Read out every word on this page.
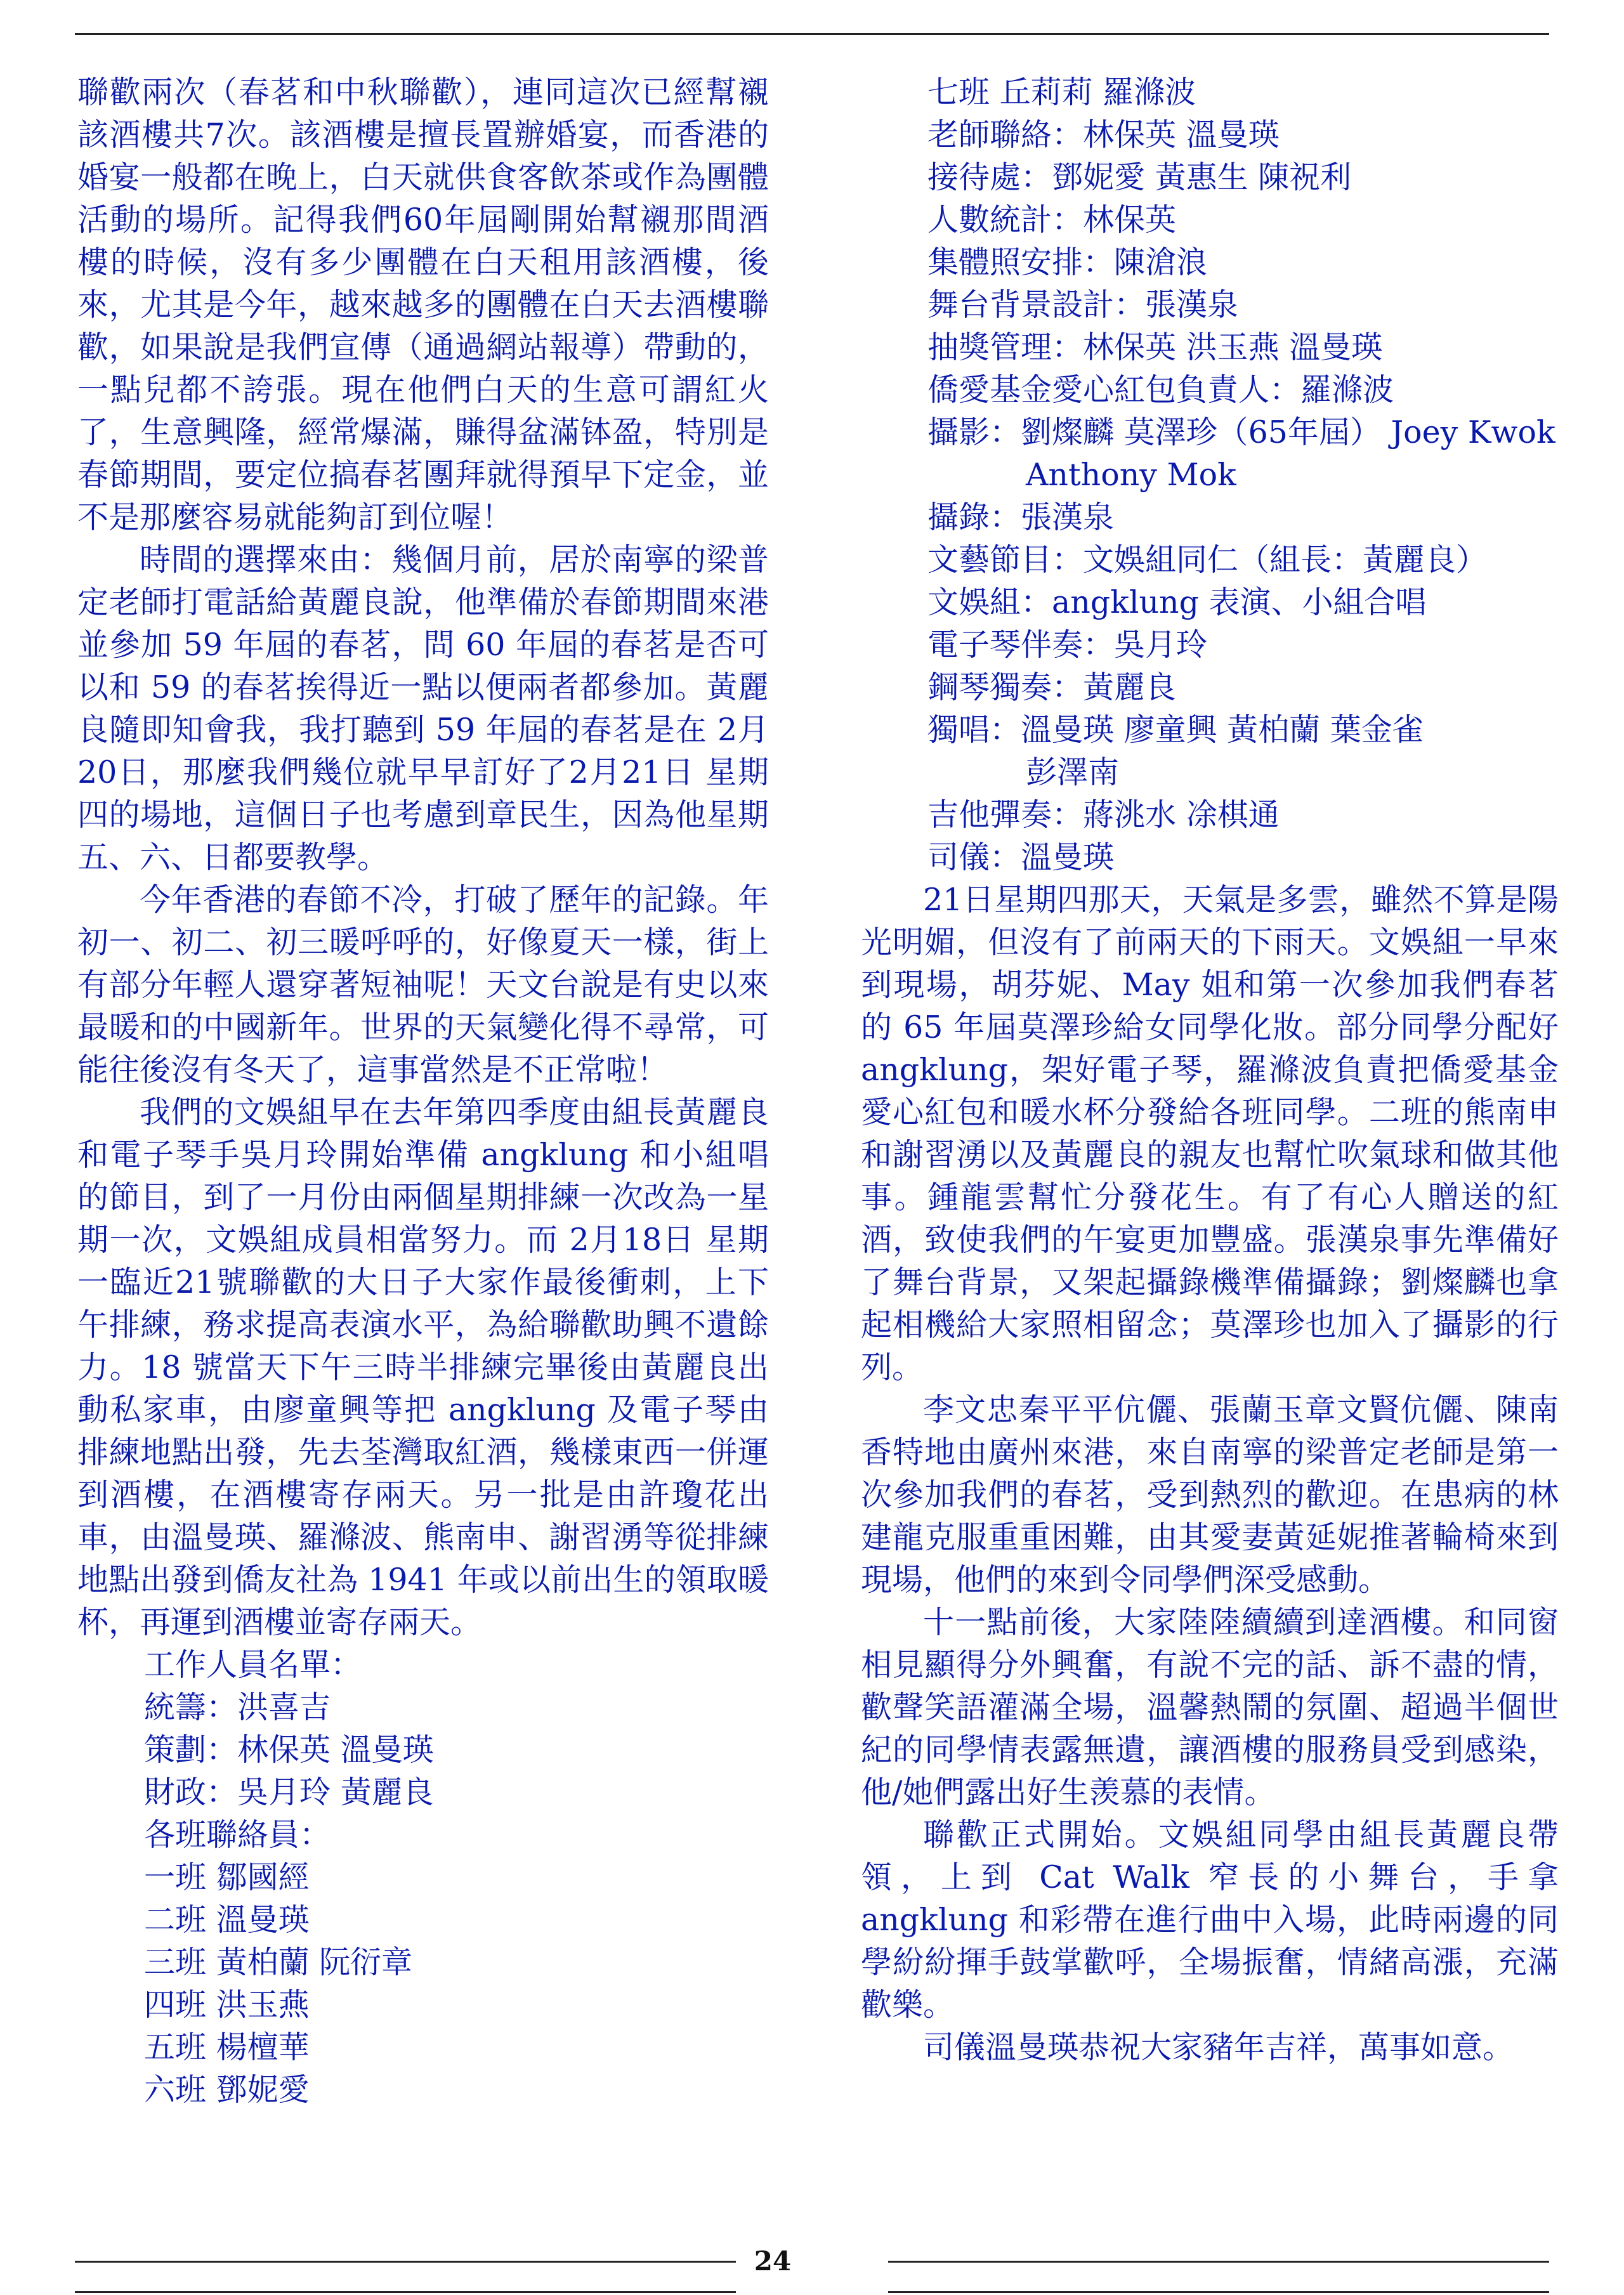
聯歡兩次（春茗和中秋聯歡），連同這次已經幫襯該酒樓共7次。該酒樓是擅長置辦婚宴，而香港的婚宴一般都在晚上，白天就供食客飲茶或作為團體活動的場所。記得我們60年屆剛開始幫襯那間酒樓的時候，沒有多少團體在白天租用該酒樓，後來，尤其是今年，越來越多的團體在白天去酒樓聯歡，如果說是我們宣傳（通過網站報導）帶動的，一點兒都不誇張。現在他們白天的生意可謂紅火了，生意興隆，經常爆滿，賺得盆滿钵盈，特別是春節期間，要定位搞春茗團拜就得預早下定金，並不是那麼容易就能夠訂到位喔！

時間的選擇來由：幾個月前，居於南寧的梁普定老師打電話給黃麗良說，他準備於春節期間來港並參加 59 年屆的春茗，問 60 年屆的春茗是否可以和 59 的春茗挨得近一點以便兩者都參加。黃麗良隨即知會我，我打聽到 59 年屆的春茗是在 2月20日，那麼我們幾位就早早訂好了2月21日 星期四的場地，這個日子也考慮到章民生，因為他星期五、六、日都要教學。

今年香港的春節不冷，打破了歷年的記錄。年初一、初二、初三暖呼呼的，好像夏天一樣，街上有部分年輕人還穿著短袖呢！天文台說是有史以來最暖和的中國新年。世界的天氣變化得不尋常，可能往後沒有冬天了，這事當然是不正常啦！

我們的文娛組早在去年第四季度由組長黃麗良和電子琴手吳月玲開始準備 angklung 和小組唱的節目，到了一月份由兩個星期排練一次改為一星期一次，文娛組成員相當努力。而 2月18日 星期一臨近21號聯歡的大日子大家作最後衝刺，上下午排練，務求提高表演水平，為給聯歡助興不遺餘力。18 號當天下午三時半排練完畢後由黃麗良出動私家車，由廖童興等把 angklung 及電子琴由排練地點出發，先去荃灣取紅酒，幾樣東西一併運到酒樓，在酒樓寄存兩天。另一批是由許瓊花出車，由溫曼瑛、羅滌波、熊南申、謝習湧等從排練地點出發到僑友社為 1941 年或以前出生的領取暖杯，再運到酒樓並寄存兩天。

工作人員名單：

統籌：洪喜吉

策劃：林保英 溫曼瑛

財政：吳月玲 黃麗良

各班聯絡員：

一班 鄒國經

二班 溫曼瑛

三班 黃柏蘭 阮衍章

四班 洪玉燕

五班 楊檀華

六班 鄧妮愛

七班 丘莉莉 羅滌波

老師聯絡：林保英 溫曼瑛

接待處：鄧妮愛 黃惠生 陳祝利

人數統計：林保英

集體照安排：陳滄浪

舞台背景設計：張漢泉

抽獎管理：林保英 洪玉燕 溫曼瑛

僑愛基金愛心紅包負責人：羅滌波

攝影：劉燦麟 莫澤珍（65年屆） Joey Kwok

Anthony Mok

攝錄：張漢泉

文藝節目：文娛組同仁（組長：黃麗良）

文娛組：angklung 表演、小組合唱

電子琴伴奏：吳月玲

鋼琴獨奏：黃麗良

獨唱：溫曼瑛 廖童興 黃柏蘭 葉金雀

彭澤南

吉他彈奏：蔣洮水 凃棋通

司儀：溫曼瑛

21日星期四那天，天氣是多雲，雖然不算是陽光明媚，但沒有了前兩天的下雨天。文娛組一早來到現場，胡芬妮、May 姐和第一次參加我們春茗的 65 年屆莫澤珍給女同學化妝。部分同學分配好 angklung，架好電子琴，羅滌波負責把僑愛基金愛心紅包和暖水杯分發給各班同學。二班的熊南申和謝習湧以及黃麗良的親友也幫忙吹氣球和做其他事。鍾龍雲幫忙分發花生。有了有心人贈送的紅酒，致使我們的午宴更加豐盛。張漢泉事先準備好了舞台背景，又架起攝錄機準備攝錄；劉燦麟也拿起相機給大家照相留念；莫澤珍也加入了攝影的行列。

李文忠秦平平伉儷、張蘭玉章文賢伉儷、陳南香特地由廣州來港，來自南寧的梁普定老師是第一次參加我們的春茗，受到熱烈的歡迎。在患病的林建龍克服重重困難，由其愛妻黃延妮推著輪椅來到現場，他們的來到令同學們深受感動。

十一點前後，大家陸陸續續到達酒樓。和同窗相見顯得分外興奮，有說不完的話、訴不盡的情，歡聲笑語灌滿全場，溫馨熱鬧的氛圍、超過半個世紀的同學情表露無遺，讓酒樓的服務員受到感染，他/她們露出好生羡慕的表情。

聯歡正式開始。文娛組同學由組長黃麗良帶領，上到 Cat Walk 窄長的小舞台，手拿 angklung 和彩帶在進行曲中入場，此時兩邊的同學紛紛揮手鼓掌歡呼，全場振奮，情緒高漲，充滿歡樂。

司儀溫曼瑛恭祝大家豬年吉祥，萬事如意。

24
